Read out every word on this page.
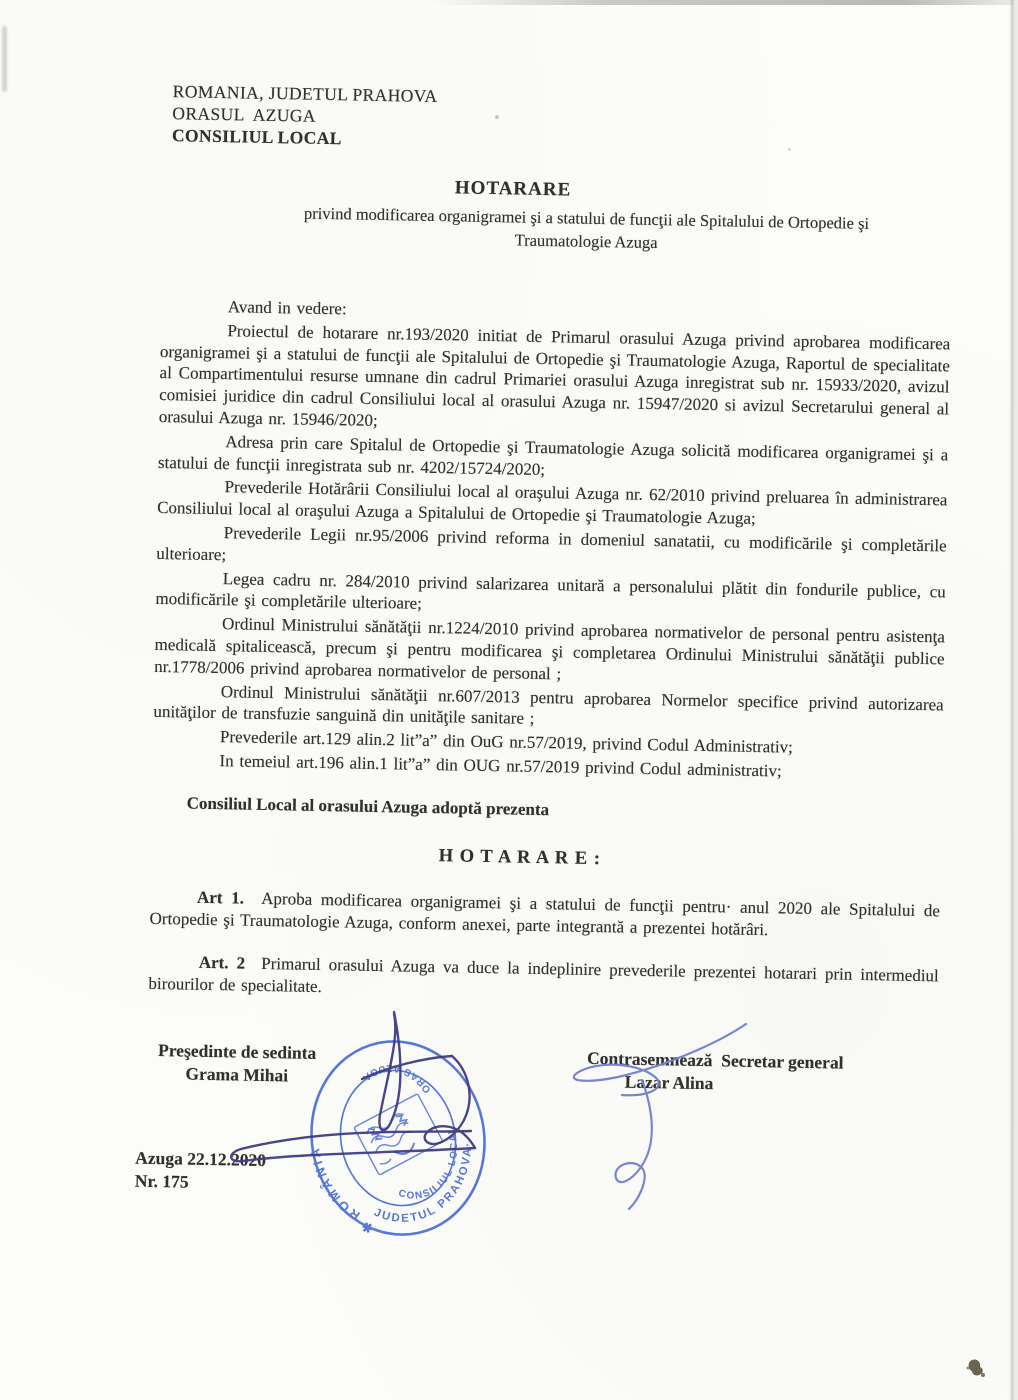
ROMANIA, JUDETUL PRAHOVA
ORASUL  AZUGA
CONSILIUL LOCAL
HOTARARE
privind modificarea organigramei şi a statului de funcţii ale Spitalului de Ortopedie şi
Traumatologie Azuga

Avand in vedere:

Proiectul de hotarare nr.193/2020 initiat de Primarul orasului Azuga privind aprobarea modificarea organigramei şi a statului de funcţii ale Spitalului de Ortopedie şi Traumatologie Azuga, Raportul de specialitate al Compartimentului resurse umnane din cadrul Primariei orasului Azuga inregistrat sub nr. 15933/2020, avizul comisiei juridice din cadrul Consiliului local al orasului Azuga nr. 15947/2020 si avizul Secretarului general al orasului Azuga nr. 15946/2020;

Adresa prin care Spitalul de Ortopedie şi Traumatologie Azuga solicită modificarea organigramei şi a statului de funcţii inregistrata sub nr. 4202/15724/2020;

Prevederile Hotărârii Consiliului local al oraşului Azuga nr. 62/2010 privind preluarea în administrarea Consiliului local al oraşului Azuga a Spitalului de Ortopedie şi Traumatologie Azuga;

Prevederile Legii nr.95/2006 privind reforma in domeniul sanatatii, cu modificările şi completările ulterioare;

Legea cadru nr. 284/2010 privind salarizarea unitară a personalului plătit din fondurile publice, cu modificările şi completările ulterioare;

Ordinul Ministrului sănătăţii nr.1224/2010 privind aprobarea normativelor de personal pentru asistenţa medicală spitalicească, precum şi pentru modificarea şi completarea Ordinului Ministrului sănătăţii publice nr.1778/2006 privind aprobarea normativelor de personal ;

Ordinul Ministrului sănătăţii nr.607/2013 pentru aprobarea Normelor specifice privind autorizarea unităţilor de transfuzie sanguină din unităţile sanitare ;

Prevederile art.129 alin.2 lit”a” din OuG nr.57/2019, privind Codul Administrativ;

In temeiul art.196 alin.1 lit”a” din OUG nr.57/2019 privind Codul administrativ;

Consiliul Local al orasului Azuga adoptă prezenta
H O T A R A R E :

Art 1. Aproba modificarea organigramei şi a statului de funcţii pentru· anul 2020 ale Spitalului de Ortopedie şi Traumatologie Azuga, conform anexei, parte integrantă a prezentei hotărâri.

Art. 2 Primarul orasului Azuga va duce la indeplinire prevederile prezentei hotarari prin intermediul birourilor de specialitate.

Preşedinte de sedinta
Grama Mihai
Contrasemnează  Secretar general
Lazar Alina
Azuga 22.12.2020
Nr. 175
ROMÂNIA
JUDETUL PRAHOVA·
CONSILIUL LOCAL
ORAS AZUGA
✱
